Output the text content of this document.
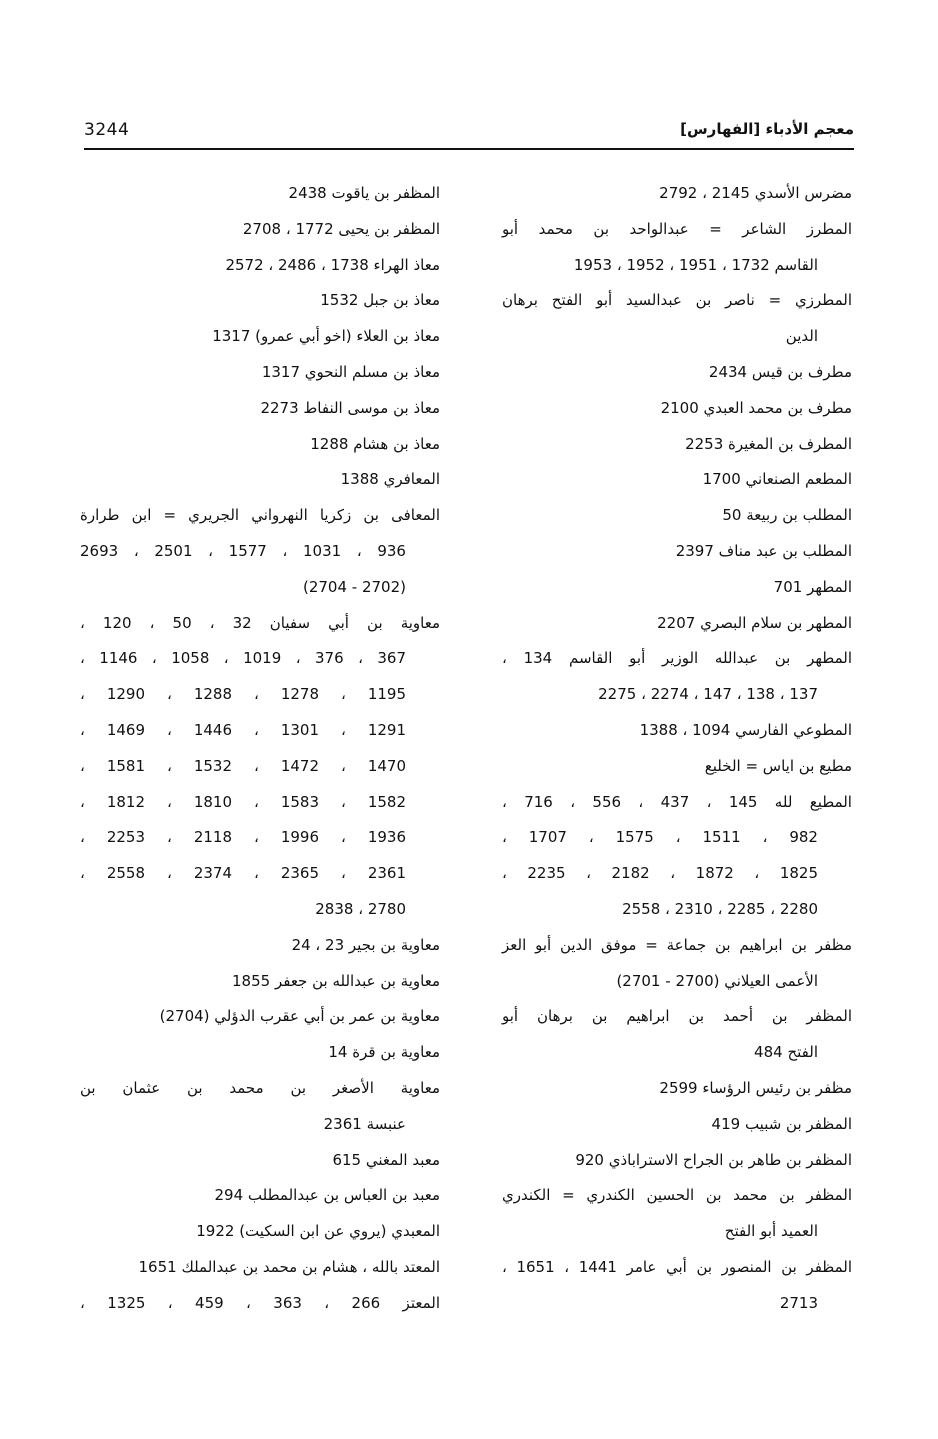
3244	معجم الأدباء [الفهارس]
مضرس الأسدي 2145 ، 2792
المطرز الشاعر = عبدالواحد بن محمد أبو
القاسم 1732 ، 1951 ، 1952 ، 1953
المطرزي = ناصر بن عبدالسيد أبو الفتح برهان
الدين
مطرف بن قيس 2434
مطرف بن محمد العبدي 2100
المطرف بن المغيرة 2253
المطعم الصنعاني 1700
المطلب بن ربيعة 50
المطلب بن عبد مناف 2397
المطهر 701
المطهر بن سلام البصري 2207
المطهر بن عبدالله الوزير أبو القاسم 134 ،
137 ، 138 ، 147 ، 2274 ، 2275
المطوعي الفارسي 1094 ، 1388
مطيع بن اياس = الخليع
المطيع لله 145 ، 437 ، 556 ، 716 ،
982 ، 1511 ، 1575 ، 1707 ،
1825 ، 1872 ، 2182 ، 2235 ،
2280 ، 2285 ، 2310 ، 2558
مظفر بن ابراهيم بن جماعة = موفق الدين أبو العز
الأعمى العيلاني (2700 - 2701)
المظفر بن أحمد بن ابراهيم بن برهان أبو
الفتح 484
مظفر بن رئيس الرؤساء 2599
المظفر بن شبيب 419
المظفر بن طاهر بن الجراح الاستراباذي 920
المظفر بن محمد بن الحسين الكندري = الكندري
العميد أبو الفتح
المظفر بن المنصور بن أبي عامر 1441 ، 1651 ،
2713
المظفر بن ياقوت 2438
المظفر بن يحيى 1772 ، 2708
معاذ الهراء 1738 ، 2486 ، 2572
معاذ بن جبل 1532
معاذ بن العلاء (اخو أبي عمرو) 1317
معاذ بن مسلم النحوي 1317
معاذ بن موسى النفاط 2273
معاذ بن هشام 1288
المعافري 1388
المعافى بن زكريا النهرواني الجريري = ابن طرارة
936 ، 1031 ، 1577 ، 2501 ، 2693
(2702 - 2704)
معاوية بن أبي سفيان 32 ، 50 ، 120 ،
367 ، 376 ، 1019 ، 1058 ، 1146 ،
1195 ، 1278 ، 1288 ، 1290 ،
1291 ، 1301 ، 1446 ، 1469 ،
1470 ، 1472 ، 1532 ، 1581 ،
1582 ، 1583 ، 1810 ، 1812 ،
1936 ، 1996 ، 2118 ، 2253 ،
2361 ، 2365 ، 2374 ، 2558 ،
2780 ، 2838
معاوية بن بجير 23 ، 24
معاوية بن عبدالله بن جعفر 1855
معاوية بن عمر بن أبي عقرب الدؤلي (2704)
معاوية بن قرة 14
معاوية الأصغر بن محمد بن عثمان بن
عنبسة 2361
معبد المغني 615
معبد بن العباس بن عبدالمطلب 294
المعبدي (يروي عن ابن السكيت) 1922
المعتد بالله ، هشام بن محمد بن عبدالملك 1651
المعتز 266 ، 363 ، 459 ، 1325 ،
